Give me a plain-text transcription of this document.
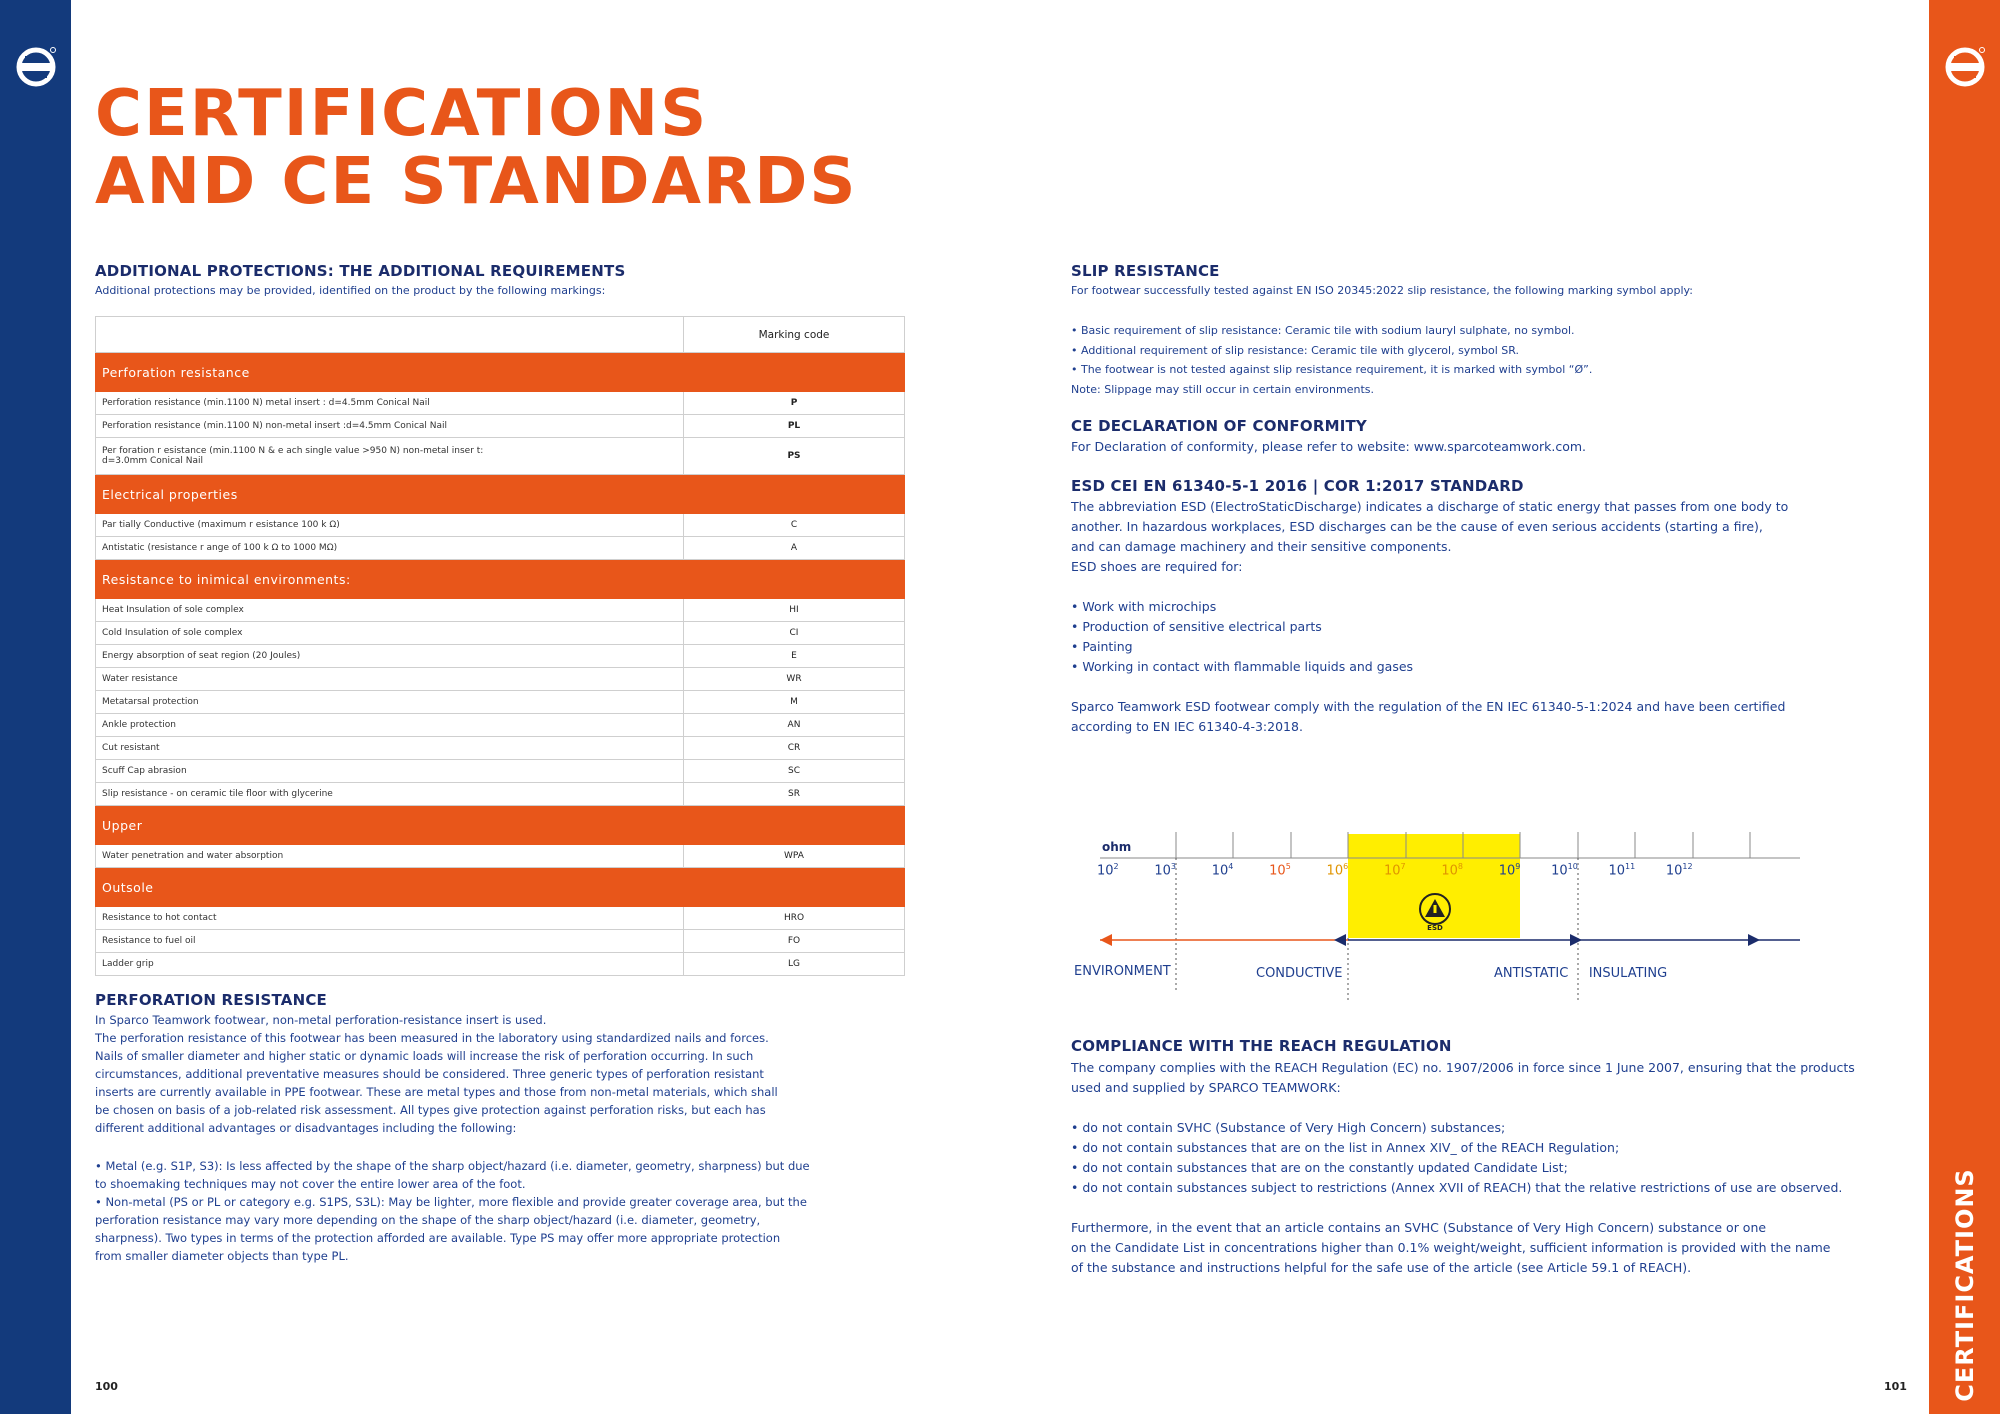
CERTIFICATIONS
CERTIFICATIONS
AND CE STANDARDS

ADDITIONAL PROTECTIONS: THE ADDITIONAL REQUIREMENTS

Additional protections may be provided, identified on the product by the following markings:

	Marking code
Perforation resistance	
Perforation resistance (min.1100 N) metal insert : d=4.5mm Conical Nail	P
Perforation resistance (min.1100 N) non-metal insert :d=4.5mm Conical Nail	PL
Per foration r esistance (min.1100 N & e ach single value >950 N) non-metal inser t:
d=3.0mm Conical Nail	PS
Electrical properties	
Par tially Conductive (maximum r esistance 100 k Ω)	C
Antistatic (resistance r ange of 100 k Ω to 1000 MΩ)	A
Resistance to inimical environments:	
Heat Insulation of sole complex	HI
Cold Insulation of sole complex	CI
Energy absorption of seat region (20 Joules)	E
Water resistance	WR
Metatarsal protection	M
Ankle protection	AN
Cut resistant	CR
Scuff Cap abrasion	SC
Slip resistance - on ceramic tile floor with glycerine	SR
Upper	
Water penetration and water absorption	WPA
Outsole	
Resistance to hot contact	HRO
Resistance to fuel oil	FO
Ladder grip	LG

PERFORATION RESISTANCE

In Sparco Teamwork footwear, non-metal perforation-resistance insert is used.
The perforation resistance of this footwear has been measured in the laboratory using standardized nails and forces.
Nails of smaller diameter and higher static or dynamic loads will increase the risk of perforation occurring. In such
circumstances, additional preventative measures should be considered. Three generic types of perforation resistant
inserts are currently available in PPE footwear. These are metal types and those from non-metal materials, which shall
be chosen on basis of a job-related risk assessment. All types give protection against perforation risks, but each has
different additional advantages or disadvantages including the following:
• Metal (e.g. S1P, S3): Is less affected by the shape of the sharp object/hazard (i.e. diameter, geometry, sharpness) but due
to shoemaking techniques may not cover the entire lower area of the foot.
• Non-metal (PS or PL or category e.g. S1PS, S3L): May be lighter, more flexible and provide greater coverage area, but the
perforation resistance may vary more depending on the shape of the sharp object/hazard (i.e. diameter, geometry,
sharpness). Two types in terms of the protection afforded are available. Type PS may offer more appropriate protection
from smaller diameter objects than type PL.
100	101

SLIP RESISTANCE

For footwear successfully tested against EN ISO 20345:2022 slip resistance, the following marking symbol apply:

• Basic requirement of slip resistance: Ceramic tile with sodium lauryl sulphate, no symbol.
• Additional requirement of slip resistance: Ceramic tile with glycerol, symbol SR.
• The footwear is not tested against slip resistance requirement, it is marked with symbol “Ø”.
Note: Slippage may still occur in certain environments.

CE DECLARATION OF CONFORMITY

For Declaration of conformity, please refer to website: www.sparcoteamwork.com.

ESD CEI EN 61340-5-1 2016 | COR 1:2017 STANDARD

The abbreviation ESD (ElectroStaticDischarge) indicates a discharge of static energy that passes from one body to
another. In hazardous workplaces, ESD discharges can be the cause of even serious accidents (starting a fire),
and can damage machinery and their sensitive components.
ESD shoes are required for:
• Work with microchips
• Production of sensitive electrical parts
• Painting
• Working in contact with flammable liquids and gases
Sparco Teamwork ESD footwear comply with the regulation of the EN IEC 61340-5-1:2024 and have been certified
according to EN IEC 61340-4-3:2018.
ohm
$10^2$	$10^3$	$10^4$	$10^5$	$10^6$	$10^7$	$10^8$	$10^9$	$10^{10}$	$10^{11}$	$10^{12}$
ESD
ENVIRONMENT	CONDUCTIVE	ANTISTATIC	INSULATING

COMPLIANCE WITH THE REACH REGULATION

The company complies with the REACH Regulation (EC) no. 1907/2006 in force since 1 June 2007, ensuring that the products
used and supplied by SPARCO TEAMWORK:
• do not contain SVHC (Substance of Very High Concern) substances;
• do not contain substances that are on the list in Annex XIV_ of the REACH Regulation;
• do not contain substances that are on the constantly updated Candidate List;
• do not contain substances subject to restrictions (Annex XVII of REACH) that the relative restrictions of use are observed.
Furthermore, in the event that an article contains an SVHC (Substance of Very High Concern) substance or one
on the Candidate List in concentrations higher than 0.1% weight/weight, sufficient information is provided with the name
of the substance and instructions helpful for the safe use of the article (see Article 59.1 of REACH).
